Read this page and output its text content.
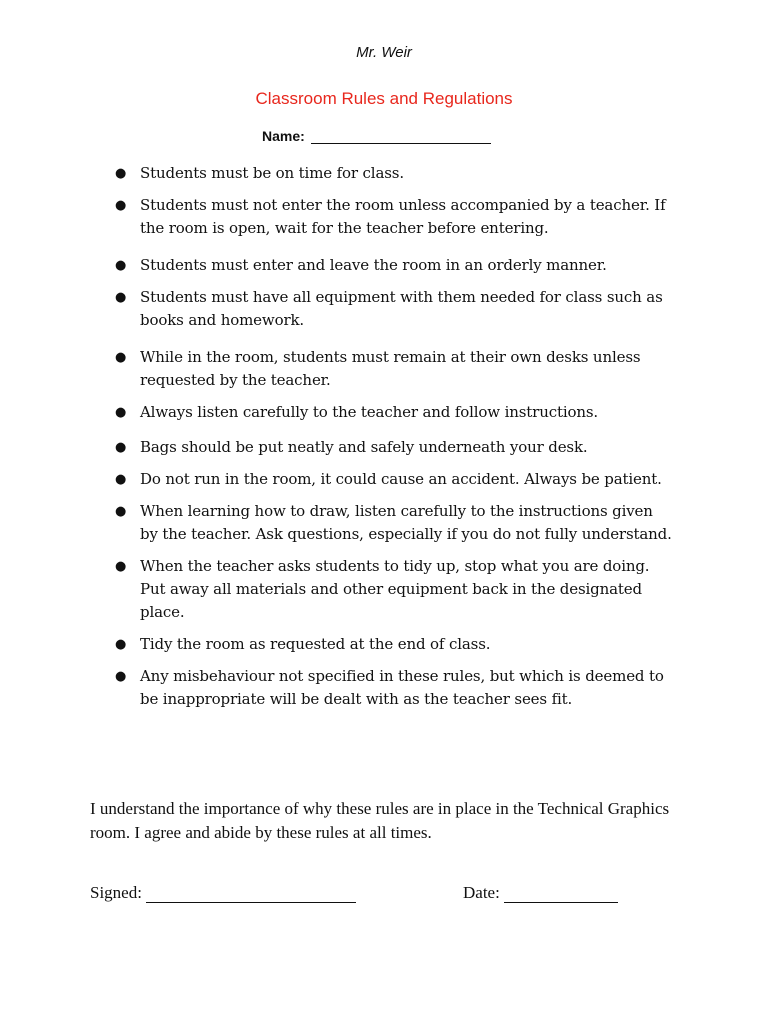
Mr. Weir
Classroom Rules and Regulations
Name:
● Students must be on time for class.
● Students must not enter the room unless accompanied by a teacher. If the room is open, wait for the teacher before entering.
● Students must enter and leave the room in an orderly manner.
● Students must have all equipment with them needed for class such as books and homework.
● While in the room, students must remain at their own desks unless requested by the teacher.
● Always listen carefully to the teacher and follow instructions.
● Bags should be put neatly and safely underneath your desk.
● Do not run in the room, it could cause an accident. Always be patient.
● When learning how to draw, listen carefully to the instructions given by the teacher. Ask questions, especially if you do not fully understand.
● When the teacher asks students to tidy up, stop what you are doing. Put away all materials and other equipment back in the designated place.
● Tidy the room as requested at the end of class.
● Any misbehaviour not specified in these rules, but which is deemed to be inappropriate will be dealt with as the teacher sees fit.
I understand the importance of why these rules are in place in the Technical Graphics room. I agree and abide by these rules at all times.
Signed:	Date:
